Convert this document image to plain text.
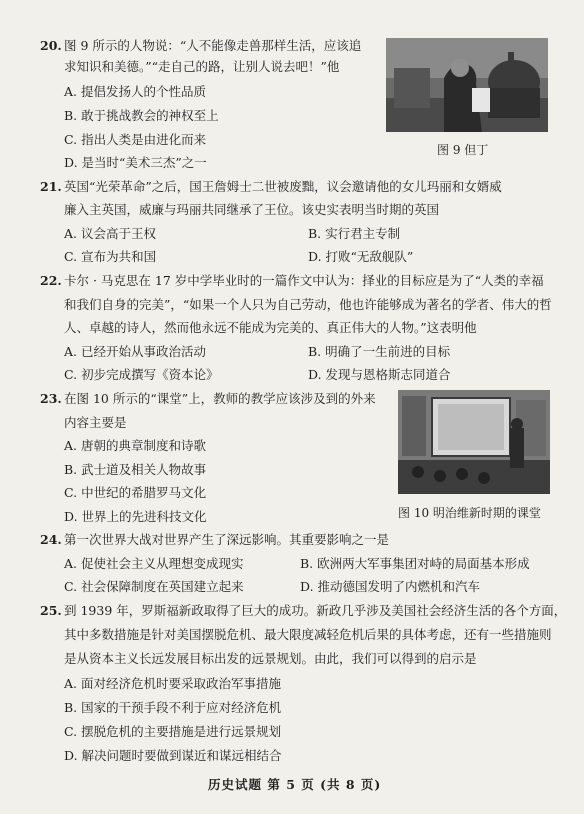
20. 图 9 所示的人物说：“人不能像走兽那样生活，应该追
求知识和美德。”“走自己的路，让别人说去吧！”他
A. 提倡发扬人的个性品质
B. 敢于挑战教会的神权至上
C. 指出人类是由进化而来
D. 是当时“美术三杰”之一
图 9 但丁
21. 英国“光荣革命”之后，国王詹姆士二世被废黜，议会邀请他的女儿玛丽和女婿威
廉入主英国，威廉与玛丽共同继承了王位。该史实表明当时期的英国
A. 议会高于王权	B. 实行君主专制
C. 宣布为共和国	D. 打败“无敌舰队”
22. 卡尔 · 马克思在 17 岁中学毕业时的一篇作文中认为：择业的目标应是为了“人类的幸福
和我们自身的完美”，“如果一个人只为自己劳动，他也许能够成为著名的学者、伟大的哲
人、卓越的诗人，然而他永远不能成为完美的、真正伟大的人物。”这表明他
A. 已经开始从事政治活动	B. 明确了一生前进的目标
C. 初步完成撰写《资本论》	D. 发现与恩格斯志同道合
23. 在图 10 所示的“课堂”上，教师的教学应该涉及到的外来
内容主要是
A. 唐朝的典章制度和诗歌
B. 武士道及相关人物故事
C. 中世纪的希腊罗马文化
D. 世界上的先进科技文化	图 10 明治维新时期的课堂
24. 第一次世界大战对世界产生了深远影响。其重要影响之一是
A. 促使社会主义从理想变成现实	B. 欧洲两大军事集团对峙的局面基本形成
C. 社会保障制度在英国建立起来	D. 推动德国发明了内燃机和汽车
25. 到 1939 年，罗斯福新政取得了巨大的成功。新政几乎涉及美国社会经济生活的各个方面，
其中多数措施是针对美国摆脱危机、最大限度减轻危机后果的具体考虑，还有一些措施则
是从资本主义长远发展目标出发的远景规划。由此，我们可以得到的启示是
A. 面对经济危机时要采取政治军事措施
B. 国家的干预手段不利于应对经济危机
C. 摆脱危机的主要措施是进行远景规划
D. 解决问题时要做到谋近和谋远相结合
历史试题 第 5 页 (共 8 页)
